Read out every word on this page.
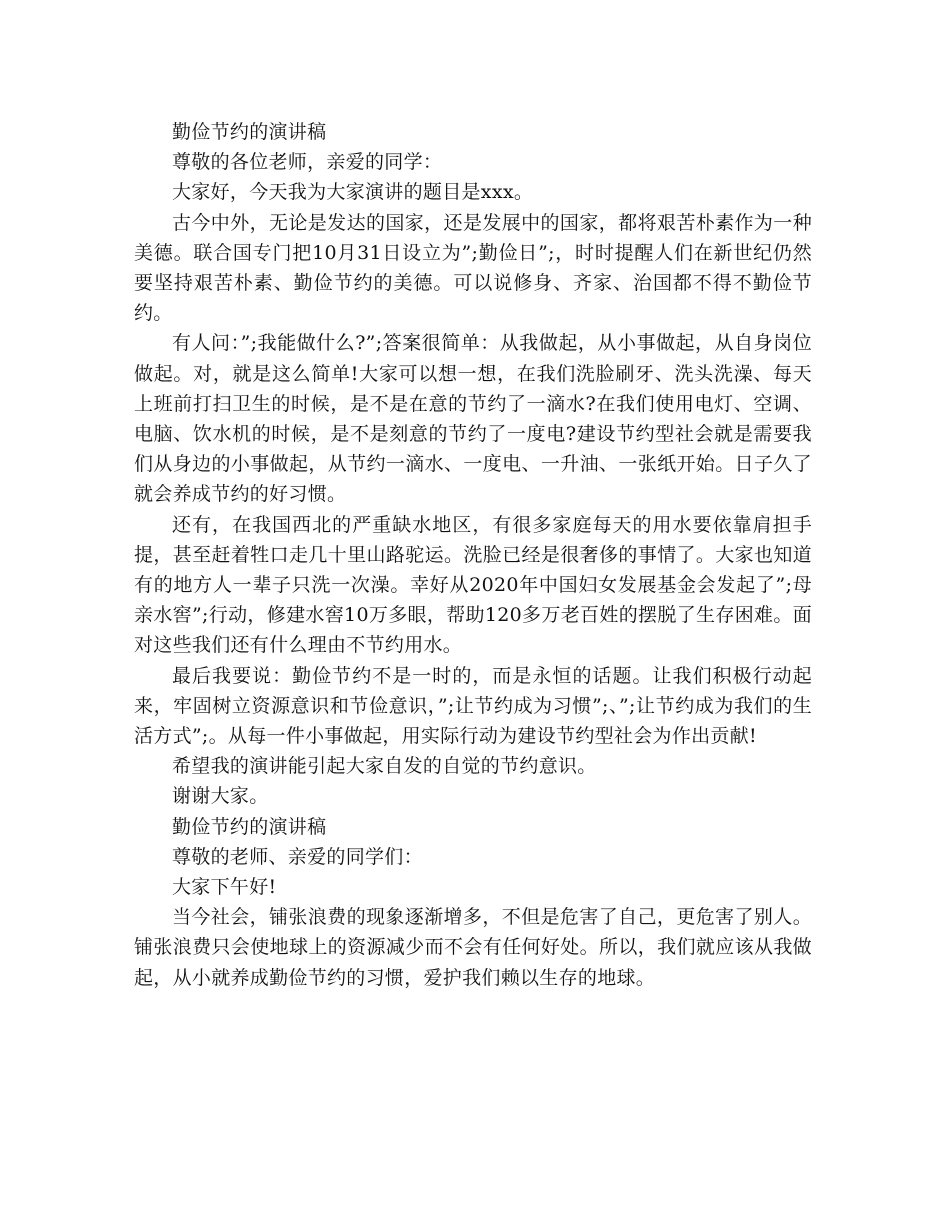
勤俭节约的演讲稿

尊敬的各位老师，亲爱的同学：

大家好，今天我为大家演讲的题目是xxx。

古今中外，无论是发达的国家，还是发展中的国家，都将艰苦朴素作为一种美德。联合国专门把10月31日设立为”;勤俭日”;，时时提醒人们在新世纪仍然要坚持艰苦朴素、勤俭节约的美德。可以说修身、齐家、治国都不得不勤俭节约。

有人问：”;我能做什么?”;答案很简单：从我做起，从小事做起，从自身岗位做起。对，就是这么简单!大家可以想一想，在我们洗脸刷牙、洗头洗澡、每天上班前打扫卫生的时候，是不是在意的节约了一滴水?在我们使用电灯、空调、电脑、饮水机的时候，是不是刻意的节约了一度电?建设节约型社会就是需要我们从身边的小事做起，从节约一滴水、一度电、一升油、一张纸开始。日子久了就会养成节约的好习惯。

还有，在我国西北的严重缺水地区，有很多家庭每天的用水要依靠肩担手提，甚至赶着牲口走几十里山路驼运。洗脸已经是很奢侈的事情了。大家也知道有的地方人一辈子只洗一次澡。幸好从2020年中国妇女发展基金会发起了”;母亲水窖”;行动，修建水窖10万多眼，帮助120多万老百姓的摆脱了生存困难。面对这些我们还有什么理由不节约用水。

最后我要说：勤俭节约不是一时的，而是永恒的话题。让我们积极行动起来，牢固树立资源意识和节俭意识，”;让节约成为习惯”;、”;让节约成为我们的生活方式”;。从每一件小事做起，用实际行动为建设节约型社会为作出贡献!

希望我的演讲能引起大家自发的自觉的节约意识。

谢谢大家。

勤俭节约的演讲稿

尊敬的老师、亲爱的同学们：

大家下午好!

当今社会，铺张浪费的现象逐渐增多，不但是危害了自己，更危害了别人。铺张浪费只会使地球上的资源减少而不会有任何好处。所以，我们就应该从我做起，从小就养成勤俭节约的习惯，爱护我们赖以生存的地球。
